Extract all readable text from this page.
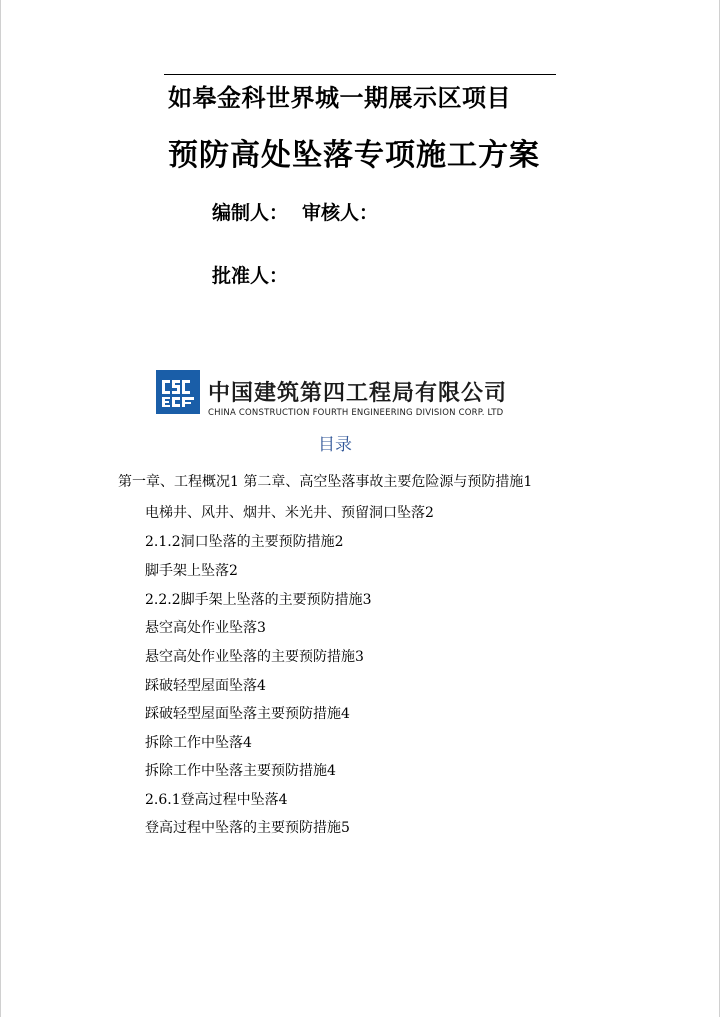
如皋金科世界城一期展示区项目
预防高处坠落专项施工方案
编制人： 审核人：
批准人：
中国建筑第四工程局有限公司
CHINA CONSTRUCTION FOURTH ENGINEERING DIVISION CORP. LTD
目录
第一章、工程概况1 第二章、高空坠落事故主要危险源与预防措施1
电梯井、风井、烟井、米光井、预留洞口坠落2
2.1.2洞口坠落的主要预防措施2
脚手架上坠落2
2.2.2脚手架上坠落的主要预防措施3
悬空高处作业坠落3
悬空高处作业坠落的主要预防措施3
踩破轻型屋面坠落4
踩破轻型屋面坠落主要预防措施4
拆除工作中坠落4
拆除工作中坠落主要预防措施4
2.6.1登高过程中坠落4
登高过程中坠落的主要预防措施5
